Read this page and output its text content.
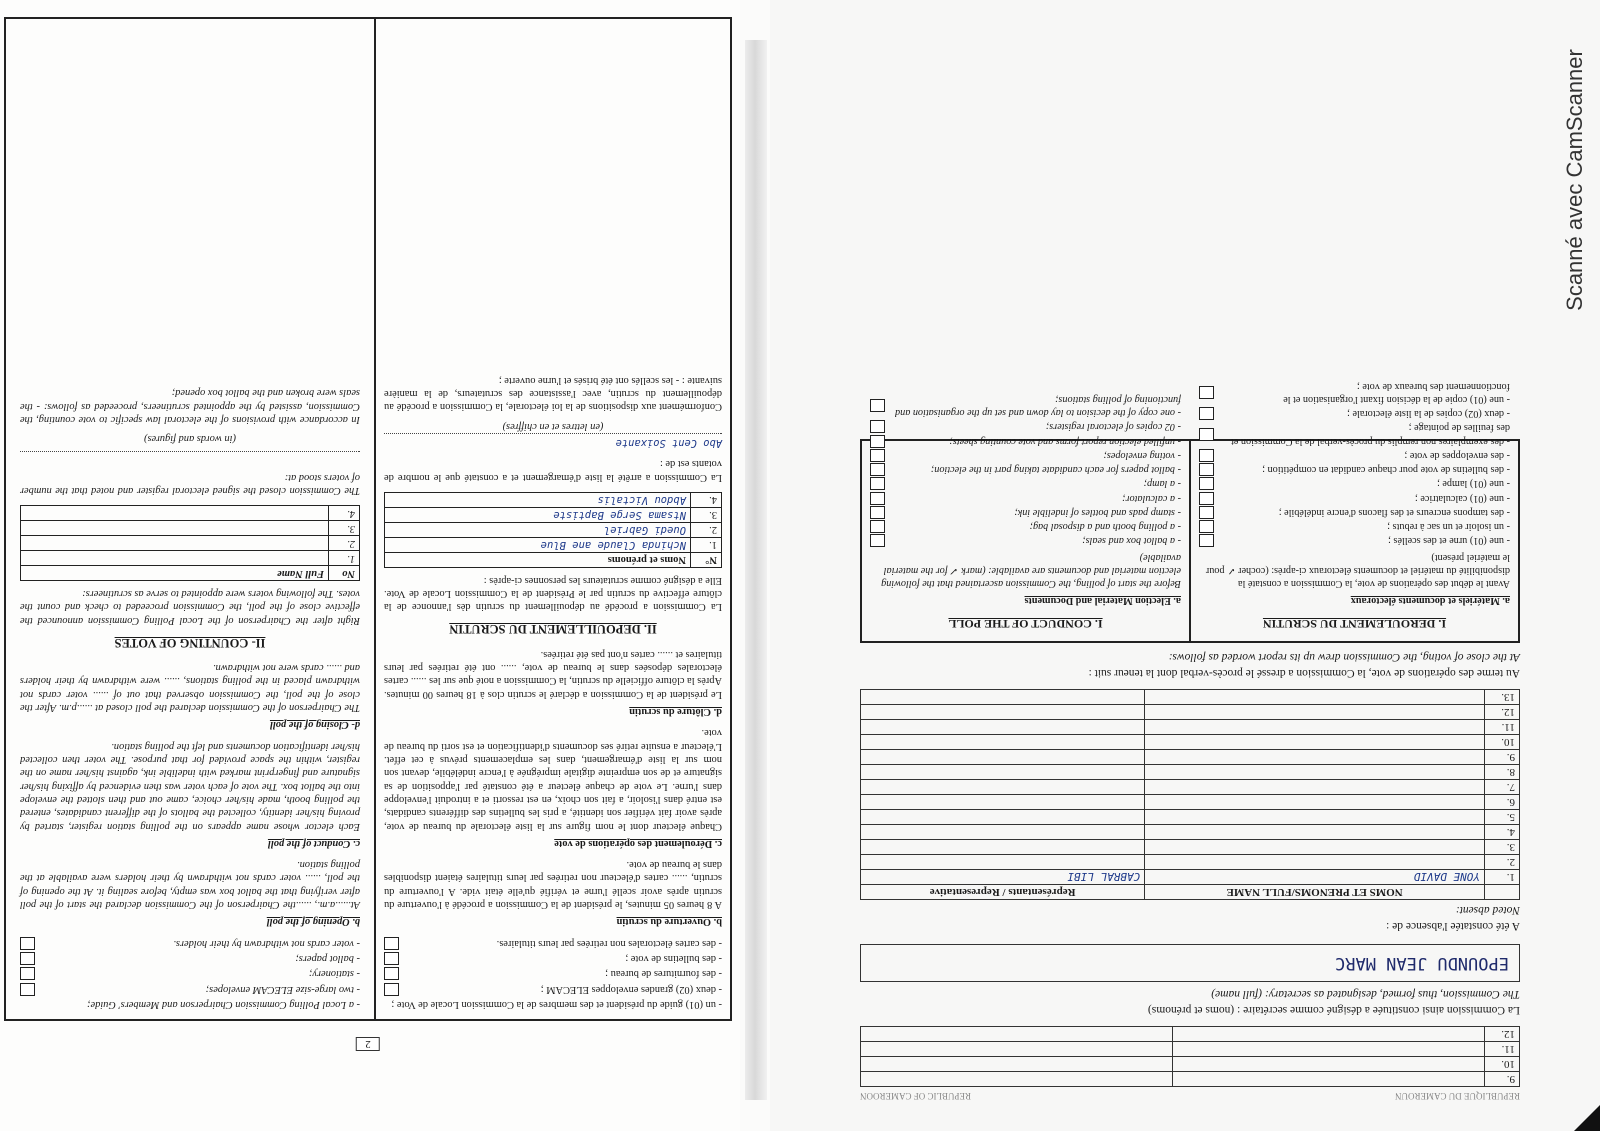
2
- un (01) guide du président et des membres de la Commission Locale de Vote ;
- deux (02) grandes enveloppes ELECAM ;
- des fournitures de bureau ;
- des bulletins de vote ;
- des cartes électorales non retirées par leurs titulaires.
b. Ouverture du scrutin

A 8 heures 05 minutes, le président de la Commission a procédé à l'ouverture du scrutin après avoir scellé l'urne et vérifié qu'elle était vide. A l'ouverture du scrutin, ...... cartes d'électeur non retirées par leurs titulaires étaient disponibles dans le bureau de vote.

c. Déroulement des opérations de vote

Chaque électeur dont le nom figure sur la liste électorale du bureau de vote, après avoir fait vérifier son identité, a pris les bulletins des différents candidats, est entré dans l'isoloir, a fait son choix, en est ressorti et a introduit l'enveloppe dans l'urne. Le vote de chaque électeur a été constaté par l'apposition de sa signature et de son empreinte digitale imprégnée à l'encre indélébile, devant son nom sur la liste d'émargement, dans les emplacements prévus à cet effet. L'électeur a ensuite retiré ses documents d'identification et est sorti du bureau de vote.

d. Clôture du scrutin

Le président de la Commission a déclaré le scrutin clos à 18 heures 00 minutes. Après la clôture officielle du scrutin, la Commission a noté que sur les ...... cartes électorales déposées dans le bureau de vote, ...... ont été retirées par leurs titulaires et ...... cartes n'ont pas été retirées.

II. DEPOUILLEMENT DU SCRUTIN

La Commission a procédé au dépouillement du scrutin dès l'annonce de la clôture effective du scrutin par le Président de la Commission Locale de Vote. Elle a désigné comme scrutateurs les personnes ci-après :

N°	Noms et prénoms
1.	Nchinda Claude ane Blue
2.	Ouedi Gabriel
3.	Ntsama Serge Baptiste
4.	Abdou Victalis

La Commission a arrêté la liste d'émargement et a constaté que le nombre de votants est de :

Abo Cent Soixante

(en lettres et en chiffres)

Conformément aux dispositions de la loi électorale, la Commission a procédé au dépouillement du scrutin, avec l'assistance des scrutateurs, de la manière suivante : - les scellés ont été brisés et l'urne ouverte ;

- a Local Polling Commission Chairperson and Members' Guide;
- two large-size ELECAM envelopes;
- stationery;
- ballot papers;
- voter cards not withdrawn by their holders.
b. Opening of the poll

At......a.m., ......the Chairperson of the Commission declared the start of the poll after verifying that the ballot box was empty, before sealing it. At the opening of the poll, ...... voter cards not withdrawn by their holders were available at the polling station.

c. Conduct of the poll

Each elector whose name appears on the polling station register, started by proving his/her identity, collected the ballots of the different candidates, entered the polling booth, made his/her choice, came out and then slotted the envelope into the ballot box. The vote of each voter was then evidenced by affixing his/her signature and fingerprint marked with indelible ink, against his/her name on the register, within the space provided for that purpose. The voter then collected his/her identification documents and left the polling station.

d- Closing of the poll

The Chairperson of the Commission declared the poll closed at ......p.m. After the close of the poll, the Commission observed that out of ...... voter cards not withdrawn placed in the polling stations, ...... were withdrawn by their holders and ...... cards were not withdrawn.

II- COUNTING OF VOTES

Right after the Chairperson of the Local Polling Commission announced the effective close of the poll, the Commission proceeded to check and count the votes. The following voters were appointed to serve as scrutineers:

No	Full Name
1.	
2.	
3.	
4.	

The Commission closed the signed electoral register and noted that the number of voters stood at:

(in words and figures)

In accordance with provisions of the electoral law specific to vote counting, the Commission, assisted by the appointed scrutineers, proceeded as follows: - the seals were broken and the ballot box opened;

REPUBLIQUE DU CAMEROUN
REPUBLIC OF CAMEROON
9.		
10.		
11.		
12.		
La Commission ainsi constituée a désigné comme secrétaire : (noms et prénoms)
The Commission, thus formed, designated as secretary: (full name)
EPOUNDU JEAN MARC
A été constatée l'absence de :
Noted absent:
	NOMS ET PRENOMS/FULL NAME	Représentants / Representative
1.	YONE DAVID	CABRAL LIBI
2.		
3.		
4.		
5.		
6.		
7.		
8.		
9.		
10.		
11.		
12.		
13.		
Au terme des opérations de vote, la Commission a dressé le procès-verbal dont la teneur suit :
At the close of voting, the Commission drew up its report worded as follows:
I. DEROULEMENT DU SCRUTIN
a. Matériels et documents électoraux
Avant le début des opérations de vote, la Commission a constaté la disponibilité du matériel et documents électoraux ci-après: (cocher ✓ pour le matériel présent)
- une (01) urne et des scellés ;
- un isoloir et un sac à rebuts ;
- des tampons encreurs et des flacons d'encre indélébile ;
- une (01) calculatrice ;
- une (01) lampe ;
- des bulletins de vote pour chaque candidat en compétition ;
- des enveloppes de vote ;
- des exemplaires non remplis du procès-verbal de la Commission et des feuilles de pointage ;
- deux (02) copies de la liste électorale ;
- une (01) copie de la décision fixant l'organisation et le fonctionnement des bureaux de vote ;
I. CONDUCT OF THE POLL
a. Election Material and Documents
Before the start of polling, the Commission ascertained that the following election material and documents are available: (mark ✓ for the material available)
- a ballot box and seals;
- a polling booth and a disposal bag;
- stamp pads and bottles of indelible ink;
- a calculator;
- a lamp;
- ballot papers for each candidate taking part in the election;
- voting envelopes;
- unfilled election report forms and vote counting sheets;
- 02 copies of electoral registers;
- one copy of the decision to lay down and set up the organisation and functioning of polling stations;
Scanné avec CamScanner
